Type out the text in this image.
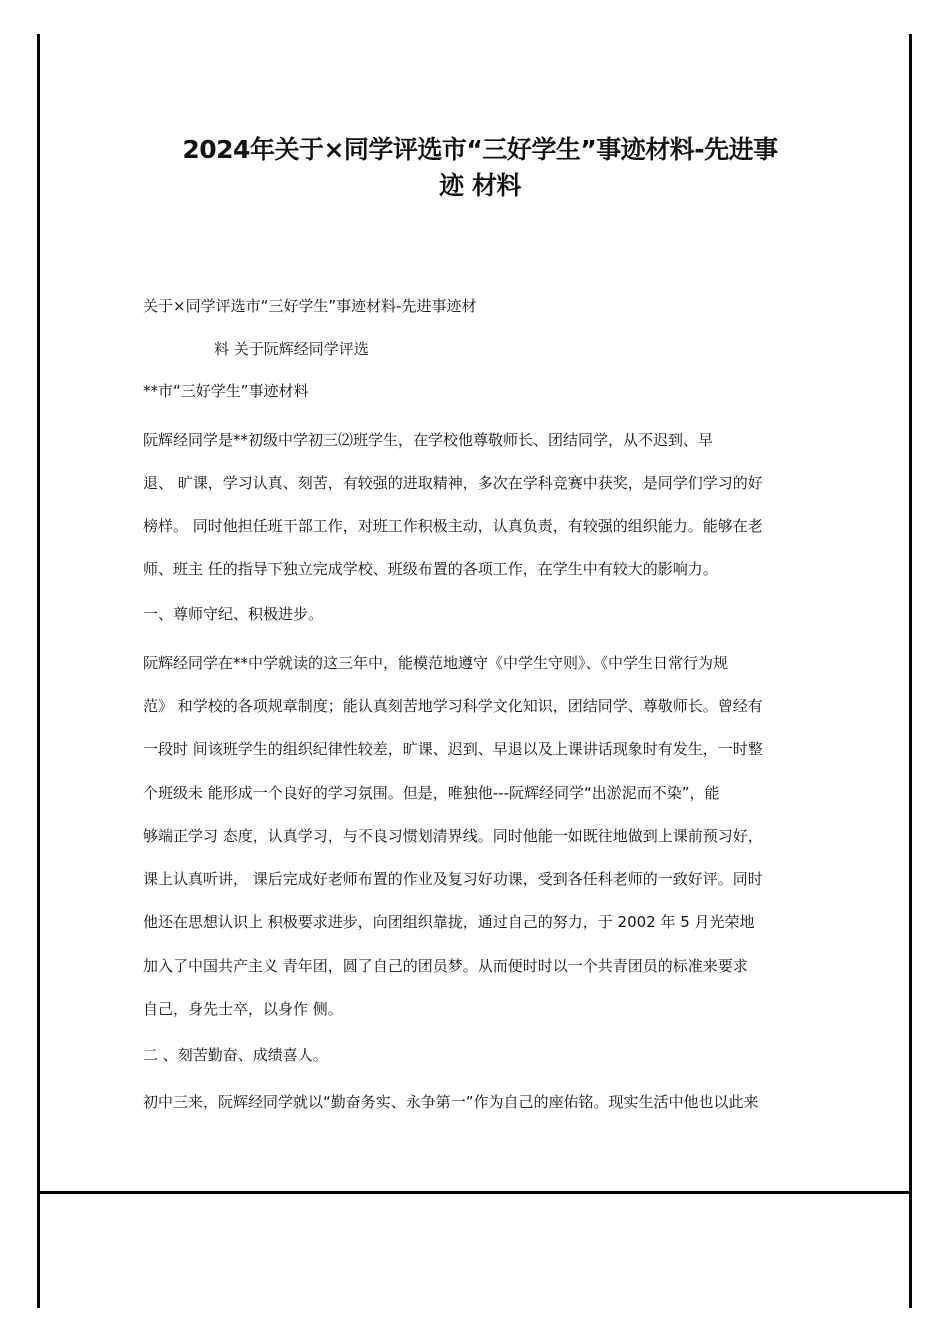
2024年关于×同学评选市“三好学生”事迹材料-先进事
迹 材料
关于×同学评选市“三好学生”事迹材料-先进事迹材
料 关于阮辉经同学评选
**市“三好学生”事迹材料
阮辉经同学是**初级中学初三⑵班学生，在学校他尊敬师长、团结同学，从不迟到、早
退、 旷课，学习认真、刻苦，有较强的进取精神，多次在学科竞赛中获奖，是同学们学习的好
榜样。 同时他担任班干部工作，对班工作积极主动，认真负责，有较强的组织能力。能够在老
师、班主 任的指导下独立完成学校、班级布置的各项工作，在学生中有较大的影响力。
一、尊师守纪、积极进步。
阮辉经同学在**中学就读的这三年中，能模范地遵守《中学生守则》、《中学生日常行为规
范》 和学校的各项规章制度；能认真刻苦地学习科学文化知识，团结同学、尊敬师长。曾经有
一段时 间该班学生的组织纪律性较差，旷课、迟到、早退以及上课讲话现象时有发生，一时整
个班级未 能形成一个良好的学习氛围。但是，唯独他---阮辉经同学“出淤泥而不染”，能
够端正学习 态度，认真学习，与不良习惯划清界线。同时他能一如既往地做到上课前预习好，
课上认真听讲， 课后完成好老师布置的作业及复习好功课，受到各任科老师的一致好评。同时
他还在思想认识上 积极要求进步，向团组织靠拢，通过自己的努力，于 2002 年 5 月光荣地
加入了中国共产主义 青年团，圆了自己的团员梦。从而便时时以一个共青团员的标准来要求
自己，身先士卒，以身作 侧。
二 、刻苦勤奋、成绩喜人。
初中三来，阮辉经同学就以“勤奋务实、永争第一”作为自己的座佑铭。现实生活中他也以此来
